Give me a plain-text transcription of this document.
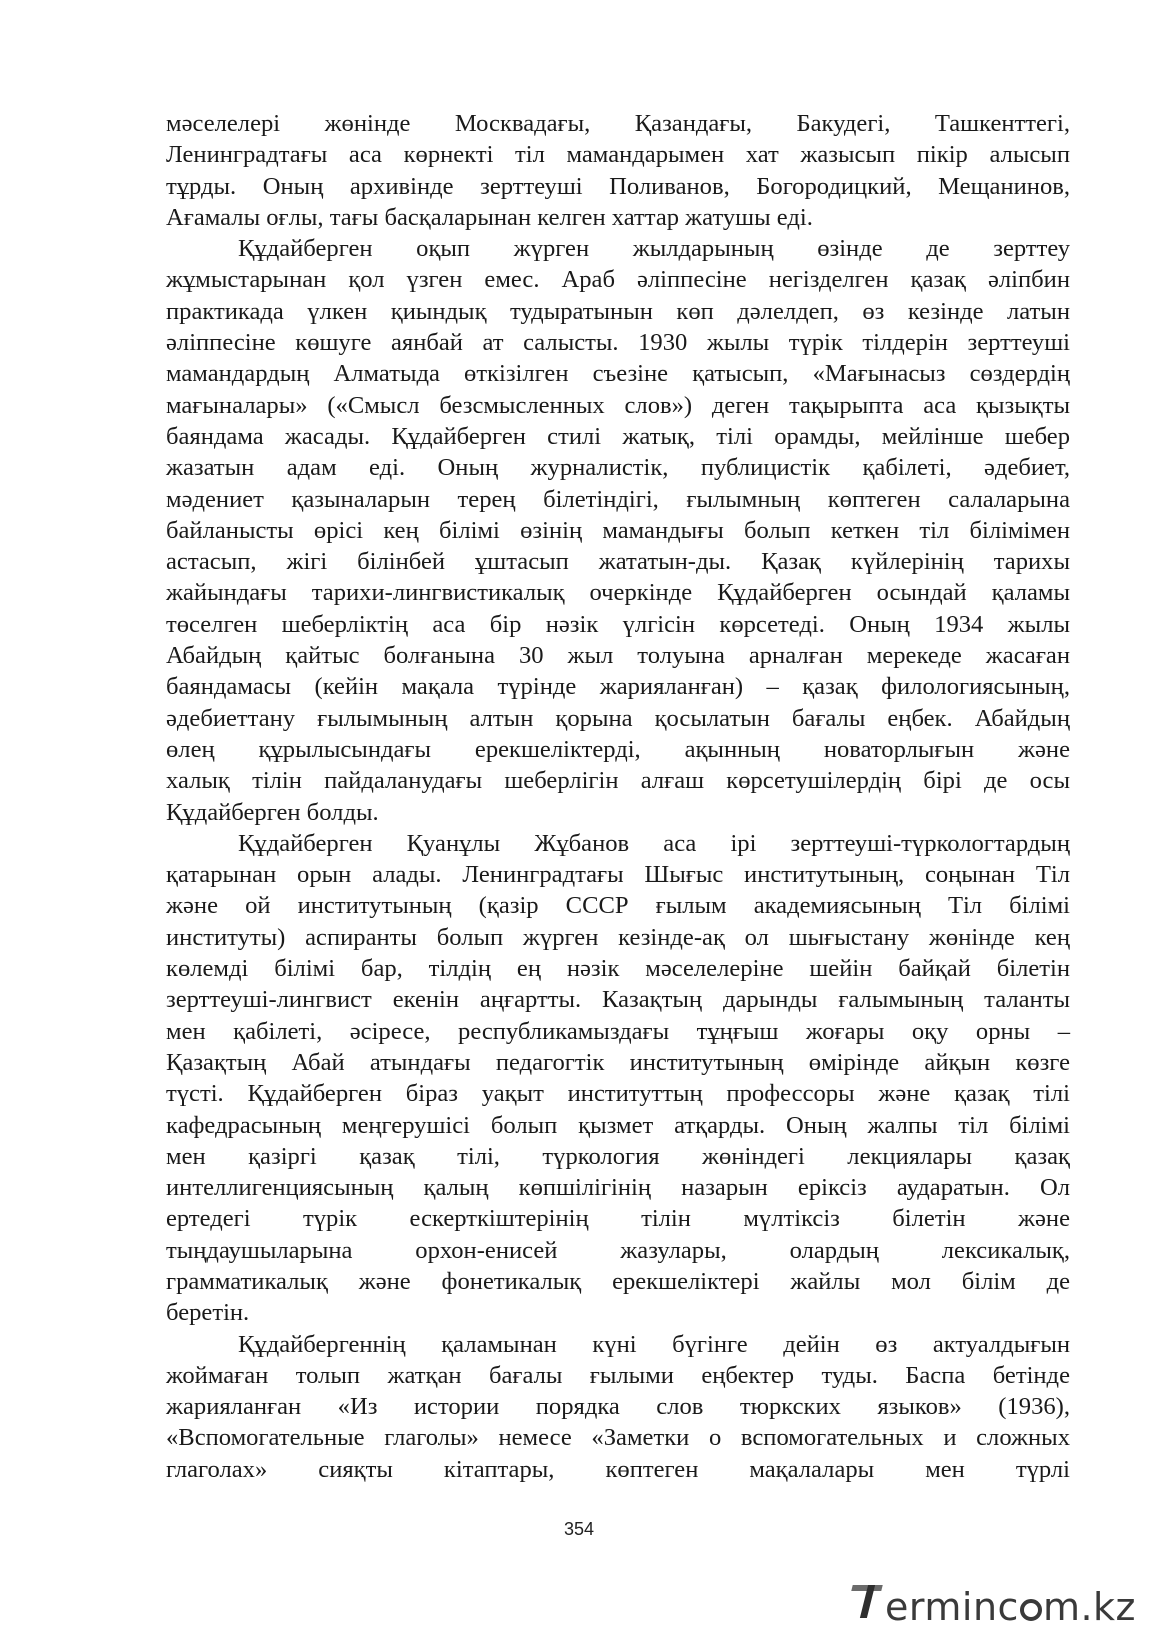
мәселелері жөнінде Москвадағы, Қазандағы, Бакудегі, Ташкенттегі,
Ленинградтағы аса көрнекті тіл мамандарымен хат жазысып пікір алысып
тұрды. Оның архивінде зерттеуші Поливанов, Богородицкий, Мещанинов,
Ағамалы оғлы, тағы басқаларынан келген хаттар жатушы еді.
Құдайберген оқып жүрген жылдарының өзінде де зерттеу
жұмыстарынан қол үзген емес. Араб әліппесіне негізделген қазақ әліпбин
практикада үлкен қиындық тудыратынын көп дәлелдеп, өз кезінде латын
әліппесіне көшуге аянбай ат салысты. 1930 жылы түрік тілдерін зерттеуші
мамандардың Алматыда өткізілген съезіне қатысып, «Мағынасыз сөздердің
мағыналары» («Смысл безсмысленных слов») деген тақырыпта аса қызықты
баяндама жасады. Құдайберген стилі жатық, тілі орамды, мейлінше шебер
жазатын адам еді. Оның журналистік, публицистік қабілеті, әдебиет,
мәдениет қазыналарын терең білетіндігі, ғылымның көптеген салаларына
байланысты өрісі кең білімі өзінің мамандығы болып кеткен тіл білімімен
астасып, жігі білінбей ұштасып жататын-ды. Қазақ күйлерінің тарихы
жайындағы тарихи-лингвистикалық очеркінде Құдайберген осындай қаламы
төселген шеберліктің аса бір нәзік үлгісін көрсетеді. Оның 1934 жылы
Абайдың қайтыс болғанына 30 жыл толуына арналған мерекеде жасаған
баяндамасы (кейін мақала түрінде жарияланған) – қазақ филологиясының,
әдебиеттану ғылымының алтын қорына қосылатын бағалы еңбек. Абайдың
өлең құрылысындағы ерекшеліктерді, ақынның новаторлығын және
халық тілін пайдаланудағы шеберлігін алғаш көрсетушілердің бірі де осы
Құдайберген болды.
Құдайберген Қуанұлы Жұбанов аса ірі зерттеуші-түркологтардың
қатарынан орын алады. Ленинградтағы Шығыс институтының, соңынан Тіл
және ой институтының (қазір СССР ғылым академиясының Тіл білімі
институты) аспиранты болып жүрген кезінде-ақ ол шығыстану жөнінде кең
көлемді білімі бар, тілдің ең нәзік мәселелеріне шейін байқай білетін
зерттеуші-лингвист екенін аңғартты. Казақтың дарынды ғалымының таланты
мен қабілеті, әсіресе, республикамыздағы тұңғыш жоғары оқу орны –
Қазақтың Абай атындағы педагогтік институтының өмірінде айқын көзге
түсті. Құдайберген біраз уақыт институттың профессоры және қазақ тілі
кафедрасының меңгерушісі болып қызмет атқарды. Оның жалпы тіл білімі
мен қазіргі қазақ тілі, түркология жөніндегі лекциялары қазақ
интеллигенциясының қалың көпшілігінің назарын еріксіз аударатын. Ол
ертедегі түрік ескерткіштерінің тілін мүлтіксіз білетін және
тыңдаушыларына орхон-енисей жазулары, олардың лексикалық,
грамматикалық және фонетикалық ерекшеліктері жайлы мол білім де
беретін.
Құдайбергеннің қаламынан күні бүгінге дейін өз актуалдығын
жоймаған толып жатқан бағалы ғылыми еңбектер туды. Баспа бетінде
жарияланған «Из истории порядка слов тюркских языков» (1936),
«Вспомогательные глаголы» немесе «Заметки о вспомогательных и сложных
глаголах» сияқты кітаптары, көптеген мақалалары мен түрлі
354
erminc m.kz
